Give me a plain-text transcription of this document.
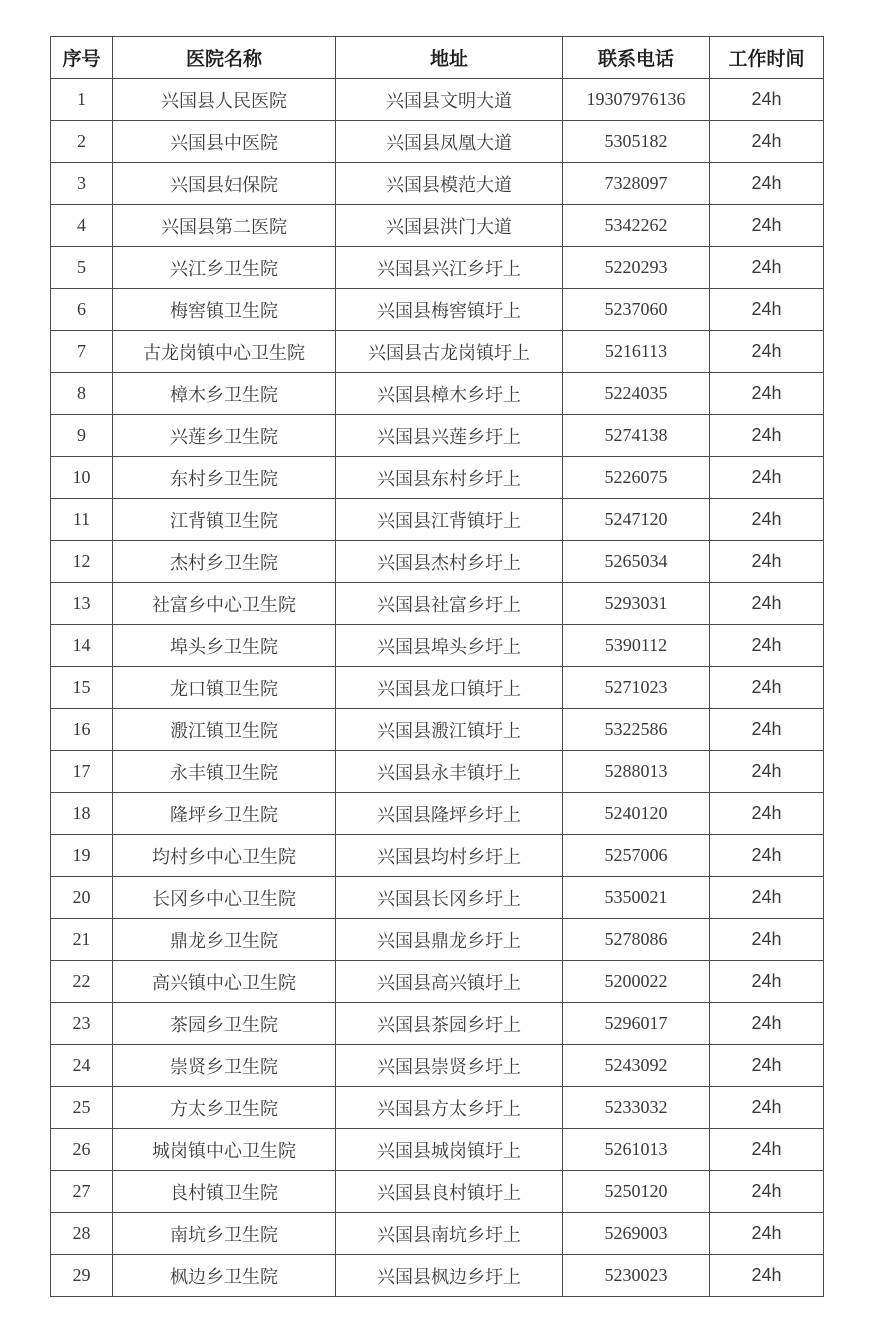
序号	医院名称	地址	联系电话	工作时间
1	兴国县人民医院	兴国县文明大道	19307976136	24h
2	兴国县中医院	兴国县凤凰大道	5305182	24h
3	兴国县妇保院	兴国县模范大道	7328097	24h
4	兴国县第二医院	兴国县洪门大道	5342262	24h
5	兴江乡卫生院	兴国县兴江乡圩上	5220293	24h
6	梅窖镇卫生院	兴国县梅窖镇圩上	5237060	24h
7	古龙岗镇中心卫生院	兴国县古龙岗镇圩上	5216113	24h
8	樟木乡卫生院	兴国县樟木乡圩上	5224035	24h
9	兴莲乡卫生院	兴国县兴莲乡圩上	5274138	24h
10	东村乡卫生院	兴国县东村乡圩上	5226075	24h
11	江背镇卫生院	兴国县江背镇圩上	5247120	24h
12	杰村乡卫生院	兴国县杰村乡圩上	5265034	24h
13	社富乡中心卫生院	兴国县社富乡圩上	5293031	24h
14	埠头乡卫生院	兴国县埠头乡圩上	5390112	24h
15	龙口镇卫生院	兴国县龙口镇圩上	5271023	24h
16	溵江镇卫生院	兴国县溵江镇圩上	5322586	24h
17	永丰镇卫生院	兴国县永丰镇圩上	5288013	24h
18	隆坪乡卫生院	兴国县隆坪乡圩上	5240120	24h
19	均村乡中心卫生院	兴国县均村乡圩上	5257006	24h
20	长冈乡中心卫生院	兴国县长冈乡圩上	5350021	24h
21	鼎龙乡卫生院	兴国县鼎龙乡圩上	5278086	24h
22	高兴镇中心卫生院	兴国县高兴镇圩上	5200022	24h
23	茶园乡卫生院	兴国县茶园乡圩上	5296017	24h
24	崇贤乡卫生院	兴国县崇贤乡圩上	5243092	24h
25	方太乡卫生院	兴国县方太乡圩上	5233032	24h
26	城岗镇中心卫生院	兴国县城岗镇圩上	5261013	24h
27	良村镇卫生院	兴国县良村镇圩上	5250120	24h
28	南坑乡卫生院	兴国县南坑乡圩上	5269003	24h
29	枫边乡卫生院	兴国县枫边乡圩上	5230023	24h
